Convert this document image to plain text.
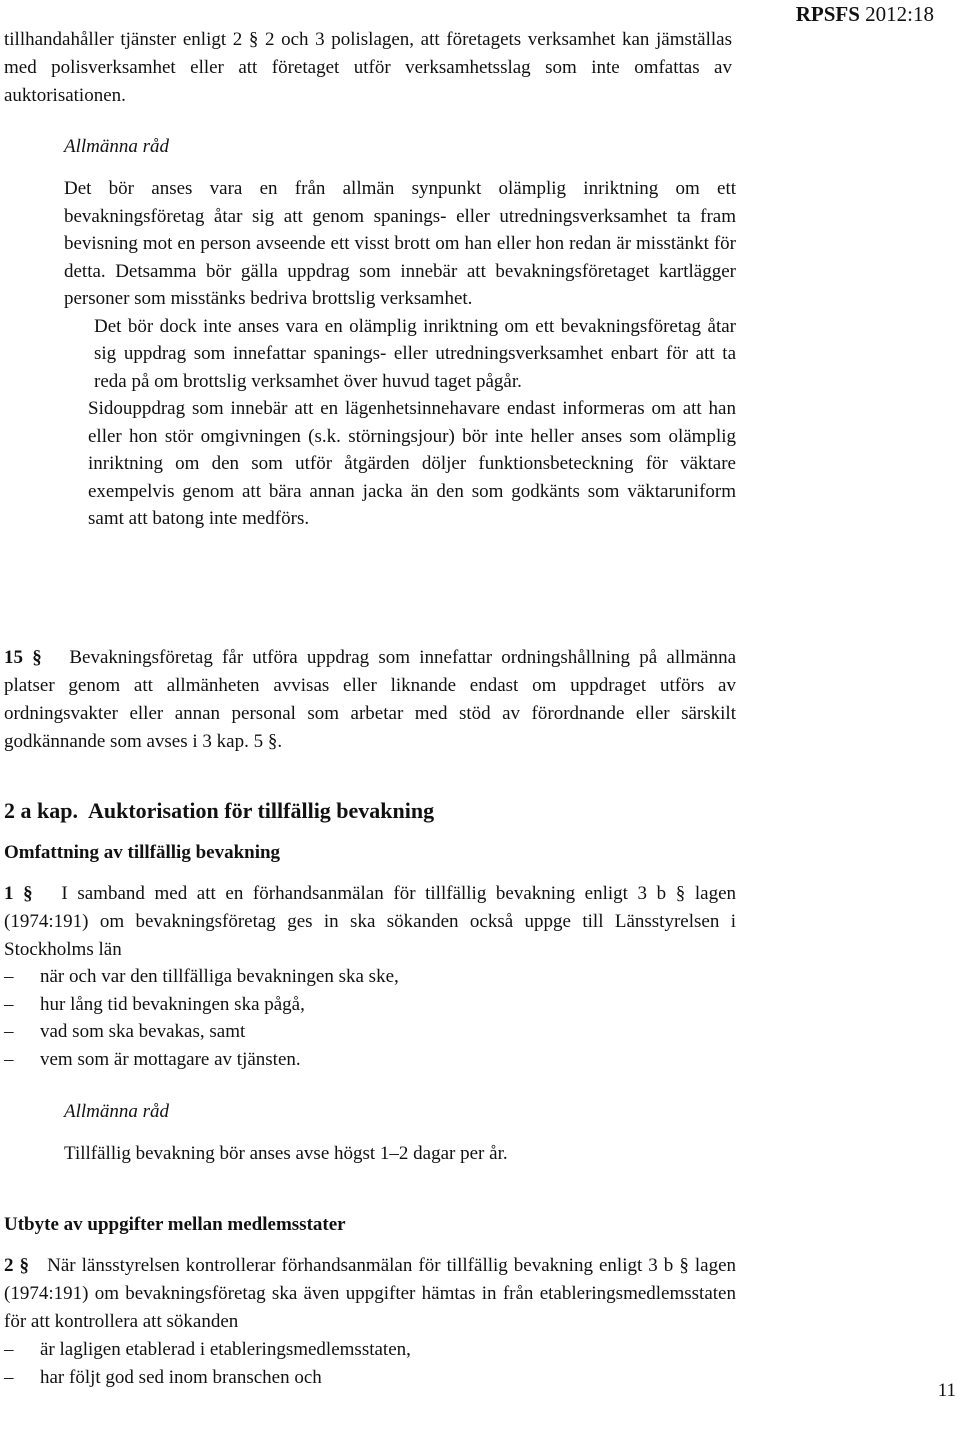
RPSFS 2012:18

tillhandahåller tjänster enligt 2 § 2 och 3 polislagen, att företagets verksamhet kan jämställas med polisverksamhet eller att företaget utför verksamhetsslag som inte omfattas av auktorisationen.

Allmänna råd
Det bör anses vara en från allmän synpunkt olämplig inriktning om ett bevakningsföretag åtar sig att genom spanings- eller utredningsverksamhet ta fram bevisning mot en person avseende ett visst brott om han eller hon redan är misstänkt för detta. Detsamma bör gälla uppdrag som innebär att bevakningsföretaget kartlägger personer som misstänks bedriva brottslig verksamhet.
Det bör dock inte anses vara en olämplig inriktning om ett bevakningsföretag åtar sig uppdrag som innefattar spanings- eller utredningsverksamhet enbart för att ta reda på om brottslig verksamhet över huvud taget pågår.
Sidouppdrag som innebär att en lägenhetsinnehavare endast informeras om att han eller hon stör omgivningen (s.k. störningsjour) bör inte heller anses som olämplig inriktning om den som utför åtgärden döljer funktionsbeteckning för väktare exempelvis genom att bära annan jacka än den som godkänts som väktaruniform samt att batong inte medförs.

15 § Bevakningsföretag får utföra uppdrag som innefattar ordningshållning på allmänna platser genom att allmänheten avvisas eller liknande endast om uppdraget utförs av ordningsvakter eller annan personal som arbetar med stöd av förordnande eller särskilt godkännande som avses i 3 kap. 5 §.

2 a kap. Auktorisation för tillfällig bevakning
Omfattning av tillfällig bevakning

1 § I samband med att en förhandsanmälan för tillfällig bevakning enligt 3 b § lagen (1974:191) om bevakningsföretag ges in ska sökanden också uppge till Länsstyrelsen i Stockholms län

–	när och var den tillfälliga bevakningen ska ske,
–	hur lång tid bevakningen ska pågå,
–	vad som ska bevakas, samt
–	vem som är mottagare av tjänsten.
Allmänna råd
Tillfällig bevakning bör anses avse högst 1–2 dagar per år.
Utbyte av uppgifter mellan medlemsstater

2 § När länsstyrelsen kontrollerar förhandsanmälan för tillfällig bevakning enligt 3 b § lagen (1974:191) om bevakningsföretag ska även uppgifter hämtas in från etableringsmedlemsstaten för att kontrollera att sökanden

–	är lagligen etablerad i etableringsmedlemsstaten,
–	har följt god sed inom branschen och
11
